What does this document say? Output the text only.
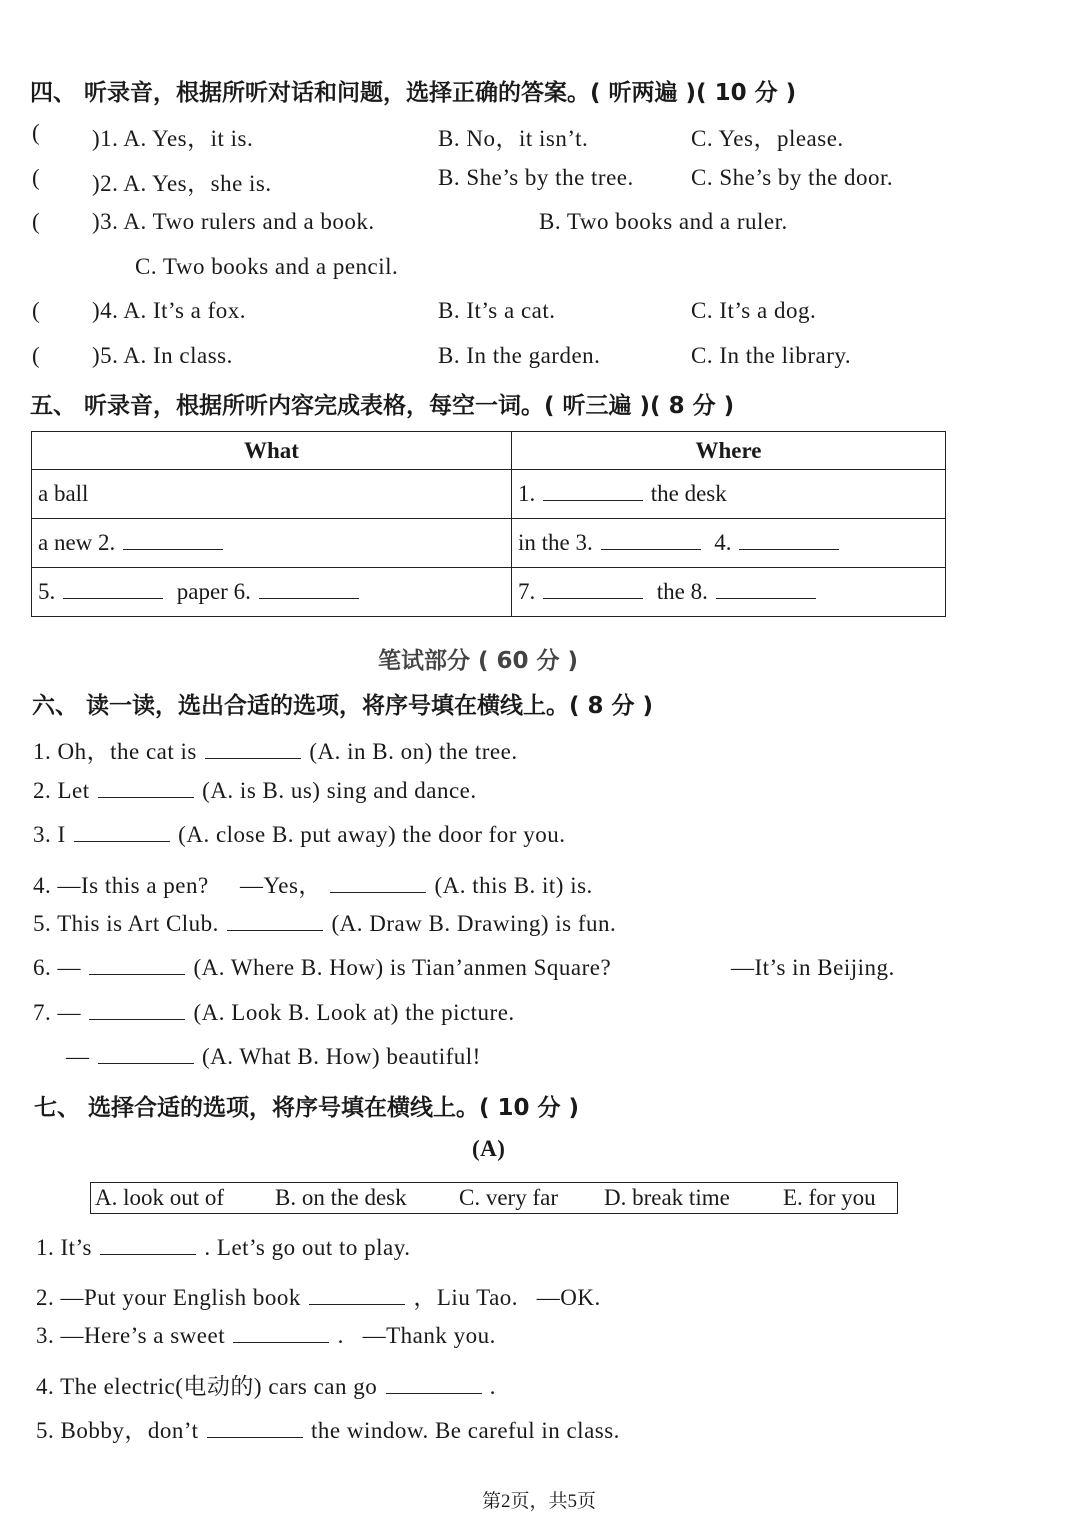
四、 听录音，根据所听对话和问题，选择正确的答案。( 听两遍 )( 10 分 )
( )1. A. Yes，it is.	B. No，it isn’t.	C. Yes，please.
( )2. A. Yes，she is.	B. She’s by the tree. C. She’s by the door.
( )3. A. Two rulers and a book.	B. Two books and a ruler.
C. Two books and a pencil.
( )4. A. It’s a fox.	B. It’s a cat.	C. It’s a dog.
( )5. A. In class.	B. In the garden.	C. In the library.
五、 听录音，根据所听内容完成表格，每空一词。( 听三遍 )( 8 分 )
What	Where
a ball	1. the desk
a new 2.	in the 3. 4.
5. paper 6.	7. the 8.
笔试部分 ( 60 分 )
六、 读一读，选出合适的选项，将序号填在横线上。( 8 分 )
1. Oh，the cat is	(A. in B. on) the tree.
2. Let	(A. is B. us) sing and dance.
3. I	(A. close B. put away) the door for you.
4. —Is this a pen?     —Yes，	(A. this B. it) is.
5. This is Art Club.	(A. Draw B. Drawing) is fun.
6. —	(A. Where B. How) is Tian’anmen Square?	—It’s in Beijing.
7. —	(A. Look B. Look at) the picture.
—	(A. What B. How) beautiful!
七、 选择合适的选项，将序号填在横线上。( 10 分 )
(A)
A. look out of B. on the desk C. very far D. break time E. for you
1. It’s	. Let’s go out to play.
2. —Put your English book	，Liu Tao.   —OK.
3. —Here’s a sweet	.   —Thank you.
4. The electric(电动的) cars can go	.
5. Bobby，don’t	the window. Be careful in class.
第2页，共5页
